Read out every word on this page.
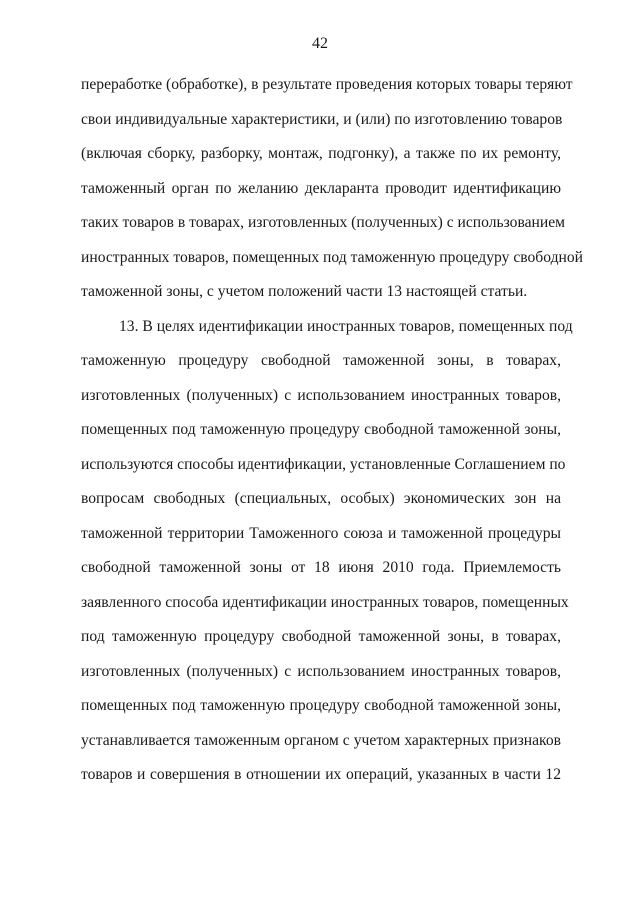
42
переработке (обработке), в результате проведения которых товары теряют
свои индивидуальные характеристики, и (или) по изготовлению товаров
(включая сборку, разборку, монтаж, подгонку), а также по их ремонту,
таможенный орган по желанию декларанта проводит идентификацию
таких товаров в товарах, изготовленных (полученных) с использованием
иностранных товаров, помещенных под таможенную процедуру свободной
таможенной зоны, с учетом положений части 13 настоящей статьи.
13. В целях идентификации иностранных товаров, помещенных под
таможенную процедуру свободной таможенной зоны, в товарах,
изготовленных (полученных) с использованием иностранных товаров,
помещенных под таможенную процедуру свободной таможенной зоны,
используются способы идентификации, установленные Соглашением по
вопросам свободных (специальных, особых) экономических зон на
таможенной территории Таможенного союза и таможенной процедуры
свободной таможенной зоны от 18 июня 2010 года. Приемлемость
заявленного способа идентификации иностранных товаров, помещенных
под таможенную процедуру свободной таможенной зоны, в товарах,
изготовленных (полученных) с использованием иностранных товаров,
помещенных под таможенную процедуру свободной таможенной зоны,
устанавливается таможенным органом с учетом характерных признаков
товаров и совершения в отношении их операций, указанных в части 12
